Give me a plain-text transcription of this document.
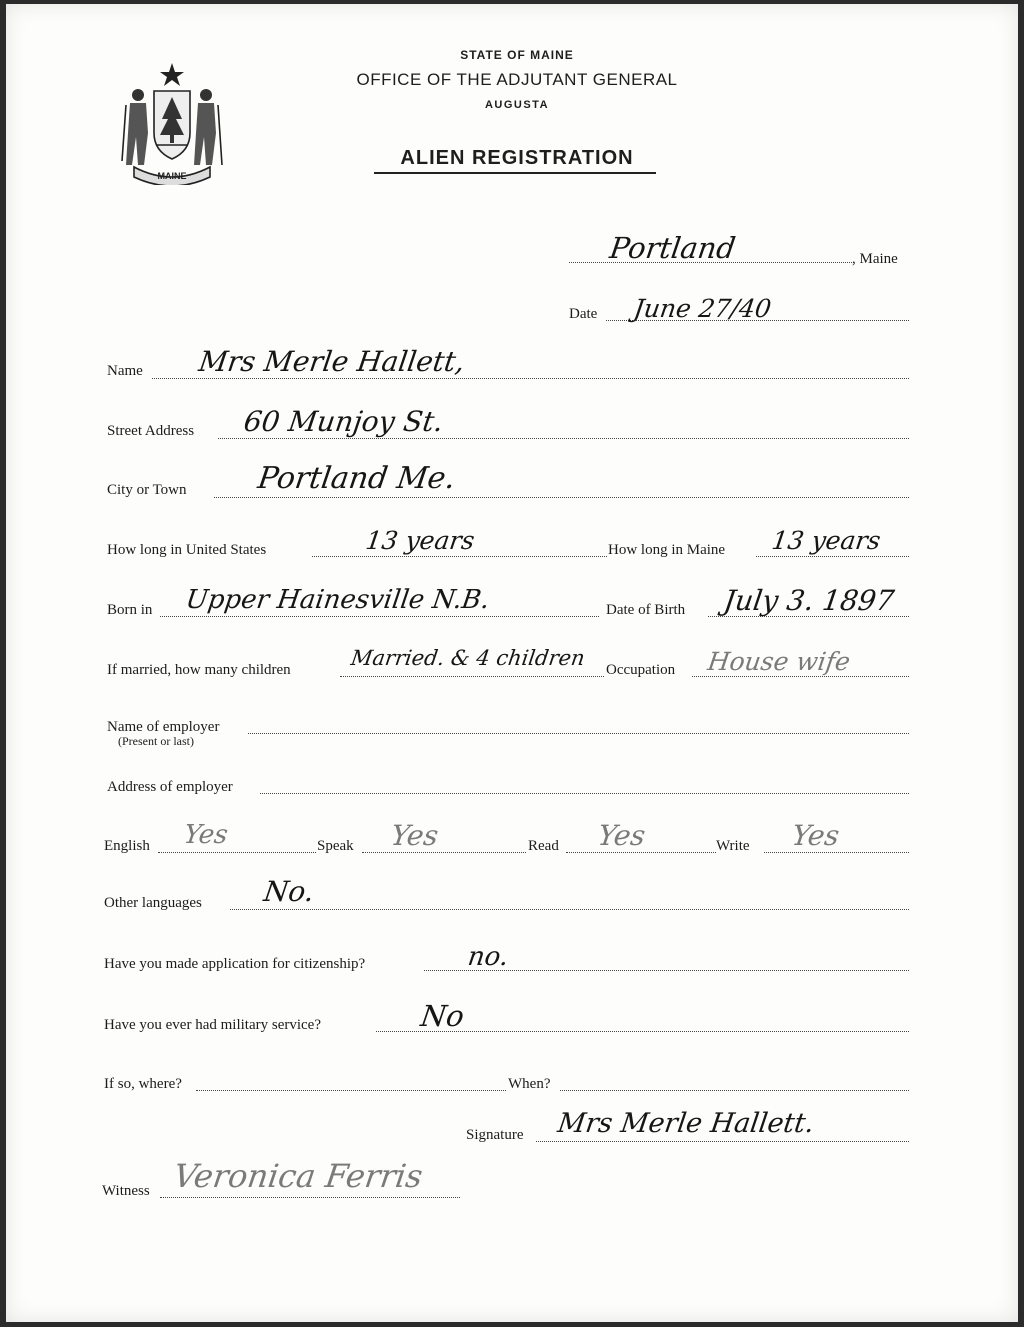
MAINE
STATE OF MAINE
OFFICE OF THE ADJUTANT GENERAL
AUGUSTA
ALIEN REGISTRATION
Portland	, Maine
Date June 27/40
Name Mrs Merle Hallett,
Street Address 60 Munjoy St.
City or Town Portland Me.
How long in United States	13 years	How long in Maine 13 years
Born in Upper Hainesville N.B.	Date of Birth July 3. 1897
If married, how many children	Married. & 4 children Occupation House wife
Name of employer
(Present or last)
Address of employer
English Yes	Speak Yes	Read Yes	Write Yes
Other languages No.
Have you made application for citizenship?	no.
Have you ever had military service?	No
If so, where?	When?
Signature Mrs Merle Hallett.
Witness Veronica Ferris
